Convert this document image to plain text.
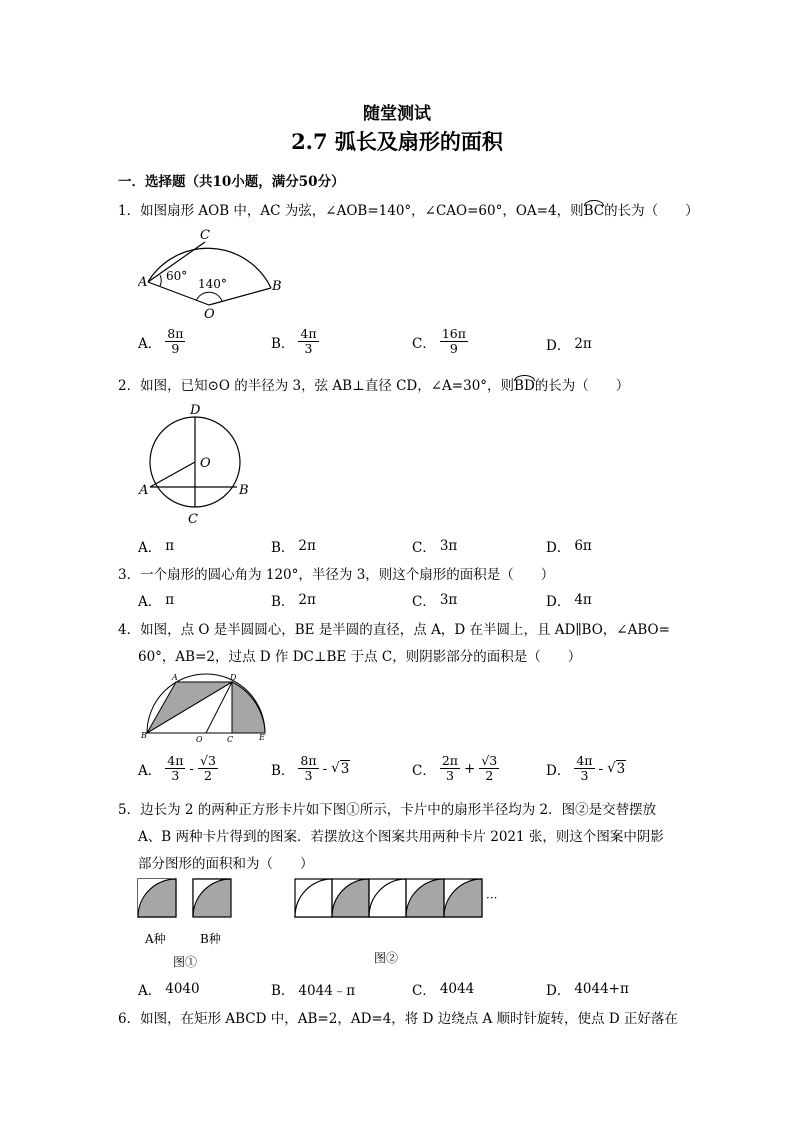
随堂测试
2.7 弧长及扇形的面积
一．选择题（共10小题，满分50分）
1．如图扇形 AOB 中，AC 为弦，∠AOB=140°，∠CAO=60°，OA=4，则BC的长为（　　）
C
A	B
O
60°
140°
A． $\frac{8\pi}{9}$	B． $\frac{4\pi}{3}$	C． $\frac{16\pi}{9}$	D． 2π
2．如图，已知⊙O 的半径为 3，弦 AB⊥直径 CD，∠A=30°，则BD的长为（　　）
D
O
A	B
C
A． π	B． 2π	C． 3π	D． 6π
3．一个扇形的圆心角为 120°，半径为 3，则这个扇形的面积是（　　）
A． π	B． 2π	C． 3π	D． 4π
4．如图，点 O 是半圆圆心，BE 是半圆的直径，点 A，D 在半圆上，且 AD∥BO，∠ABO=
60°，AB=2，过点 D 作 DC⊥BE 于点 C，则阴影部分的面积是（　　）
A	D
B	O	C	E
A． $\frac{4\pi}{3} - \frac{√3}{2}$	B． $\frac{8\pi}{3}$ - √ 3	C． $\frac{2\pi}{3} + \frac{√3}{2}$	D． $\frac{4\pi}{3}$ - √ 3
5．边长为 2 的两种正方形卡片如下图①所示，卡片中的扇形半径均为 2．图②是交替摆放
A、B 两种卡片得到的图案．若摆放这个图案共用两种卡片 2021 张，则这个图案中阴影
部分图形的面积和为（　　）
A种	B种
图①
···
图②
A． 4040	B． 4044﹣π	C． 4044	D． 4044+π
6．如图，在矩形 ABCD 中，AB=2，AD=4，将 D 边绕点 A 顺时针旋转，使点 D 正好落在
